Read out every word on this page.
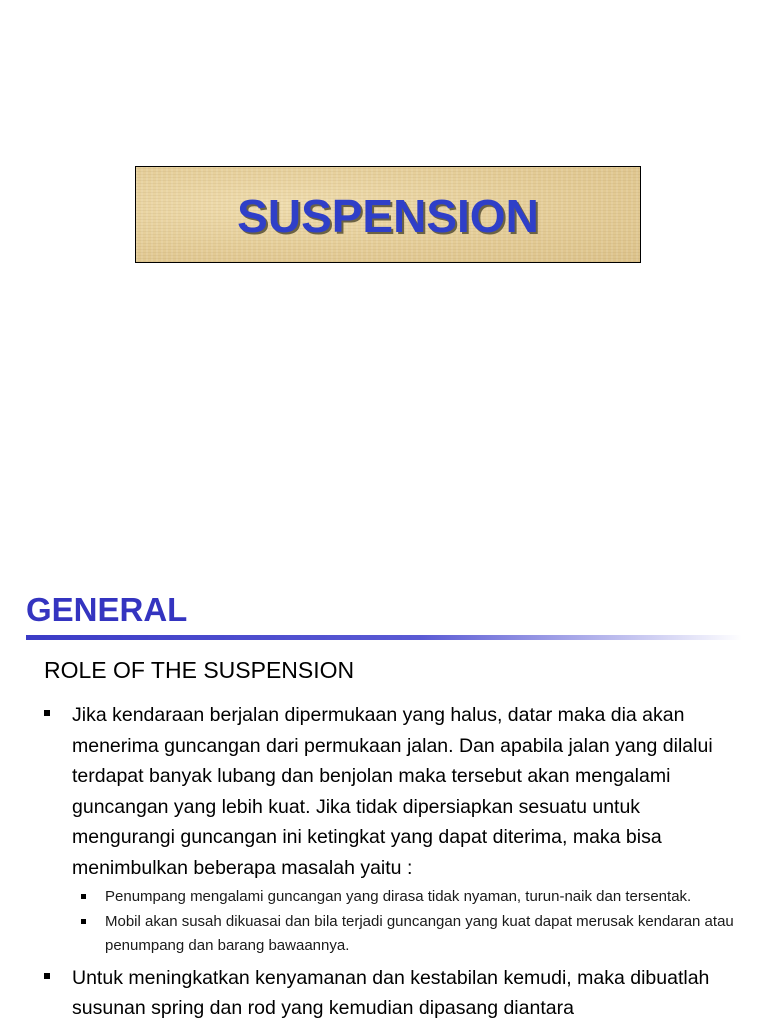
SUSPENSION
GENERAL
ROLE OF THE SUSPENSION
Jika kendaraan berjalan dipermukaan yang halus, datar maka dia akan menerima guncangan dari permukaan jalan. Dan apabila jalan yang dilalui terdapat banyak lubang dan benjolan maka tersebut akan mengalami guncangan yang lebih kuat. Jika tidak dipersiapkan sesuatu untuk mengurangi guncangan ini ketingkat yang dapat diterima, maka bisa menimbulkan beberapa masalah yaitu :
Penumpang mengalami guncangan yang dirasa tidak nyaman, turun-naik dan tersentak.
Mobil akan susah dikuasai dan bila terjadi guncangan yang kuat dapat merusak kendaran atau penumpang dan barang bawaannya.
Untuk meningkatkan kenyamanan dan kestabilan kemudi, maka dibuatlah susunan spring dan rod yang kemudian dipasang diantara
